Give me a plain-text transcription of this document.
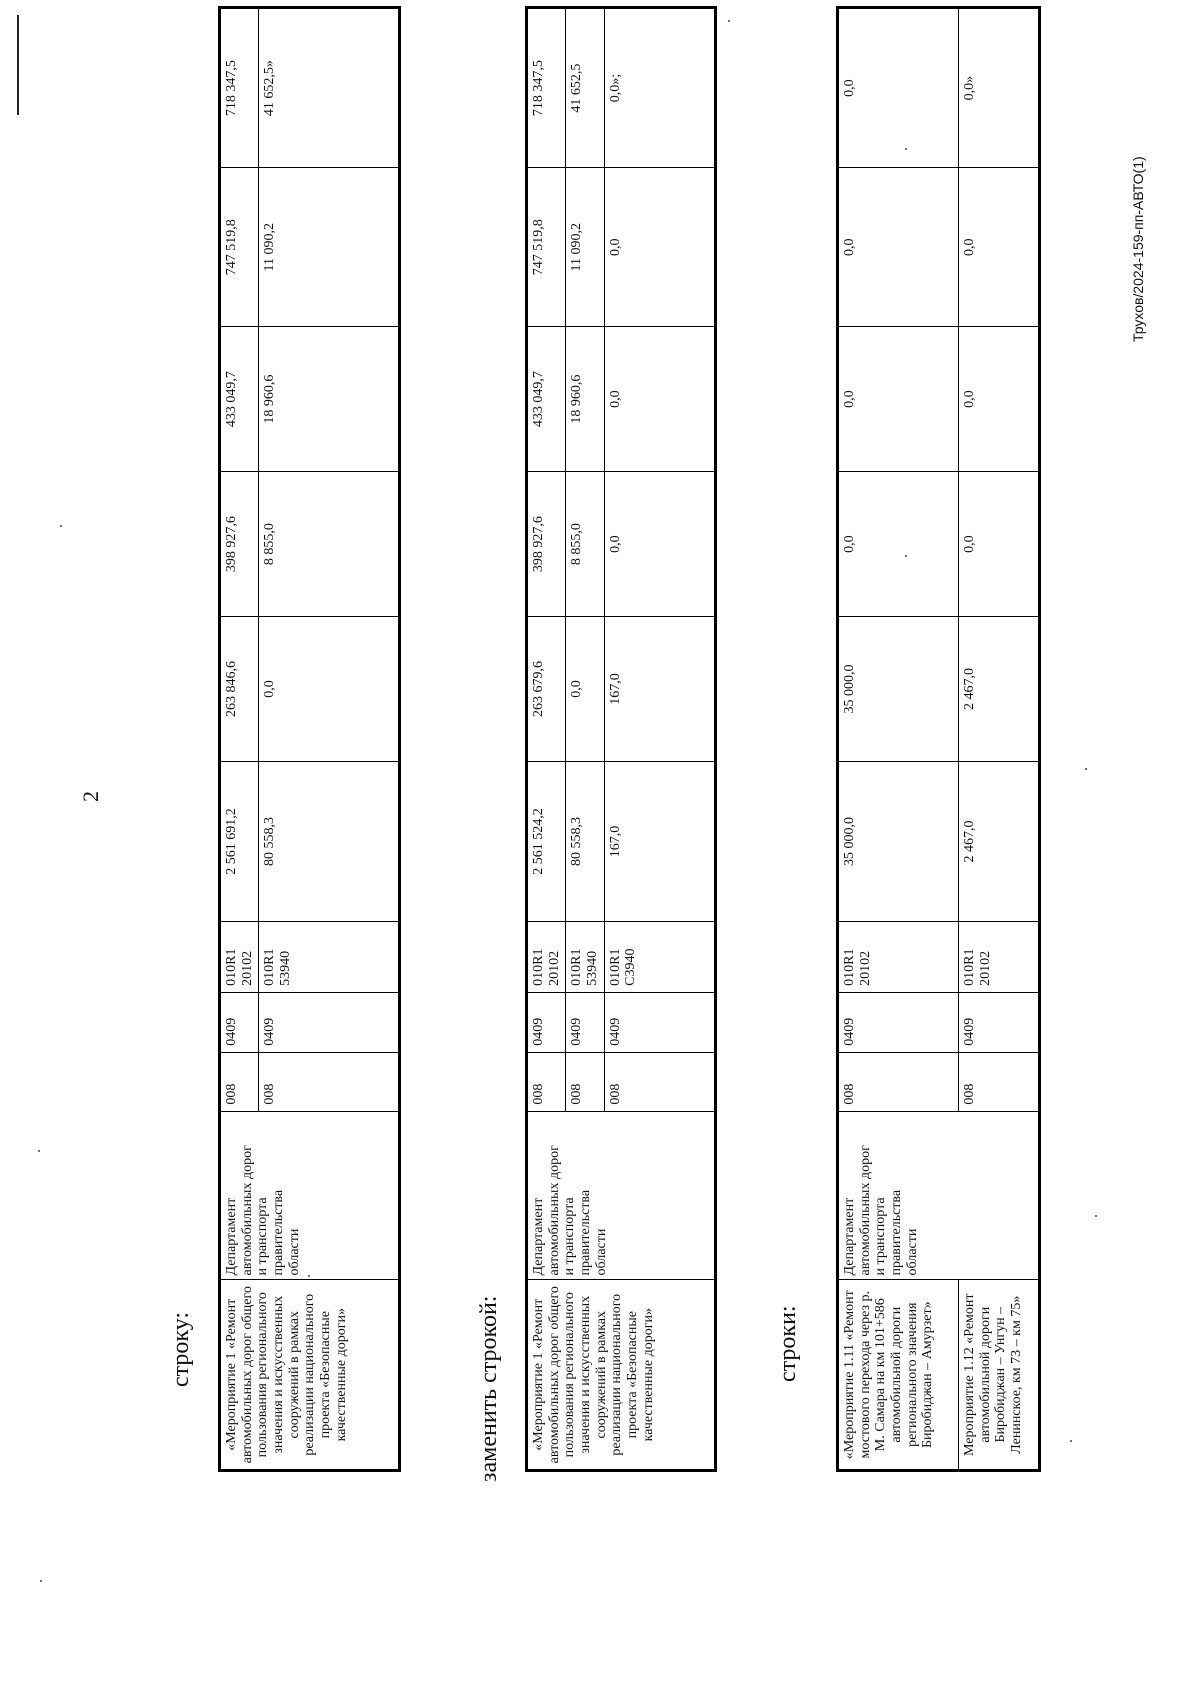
2
строку: «Мероприятие 1 «Ремонт автомобильных дорог общего пользования регионального значения и искусственных сооружений в рамках реализации национального проекта «Безопасные качественные дороги»	Департамент
автомобильных дорог
и транспорта
правительства
области	008	0409	010R1 20102	2 561 691,2	263 846,6	398 927,6	433 049,7	747 519,8	718 347,5
		008	0409	010R1 53940	80 558,3	0,0	8 855,0	18 960,6	11 090,2	41 652,5»
заменить строкой: «Мероприятие 1 «Ремонт автомобильных дорог общего пользования регионального значения и искусственных сооружений в рамках реализации национального проекта «Безопасные качественные дороги»	Департамент
автомобильных дорог
и транспорта
правительства
области	008	0409	010R1 20102	2 561 524,2	263 679,6	398 927,6	433 049,7	747 519,8	718 347,5
		008	0409	010R1 53940	80 558,3	0,0	8 855,0	18 960,6	11 090,2	41 652,5
		008	0409	010R1 С3940	167,0	167,0	0,0	0,0	0,0	0,0»;
строки:	«Мероприятие 1.11 «Ремонт мостового перехода через р. М. Самара на км 101+586 автомобильной дороги регионального значения Биробиджан – Амурзет»	Департамент
автомобильных дорог
и транспорта
правительства
области	008	0409	010R1 20102	35 000,0	35 000,0	0,0	0,0	0,0	0,0
Мероприятие 1.12 «Ремонт автомобильной дороги Биробиджан – Унгун – Ленинское, км 73 – км 75»		008	0409	010R1 20102	2 467,0	2 467,0	0,0	0,0	0,0	0,0»
Трухов/2024-159-пп-АВТО(1)
